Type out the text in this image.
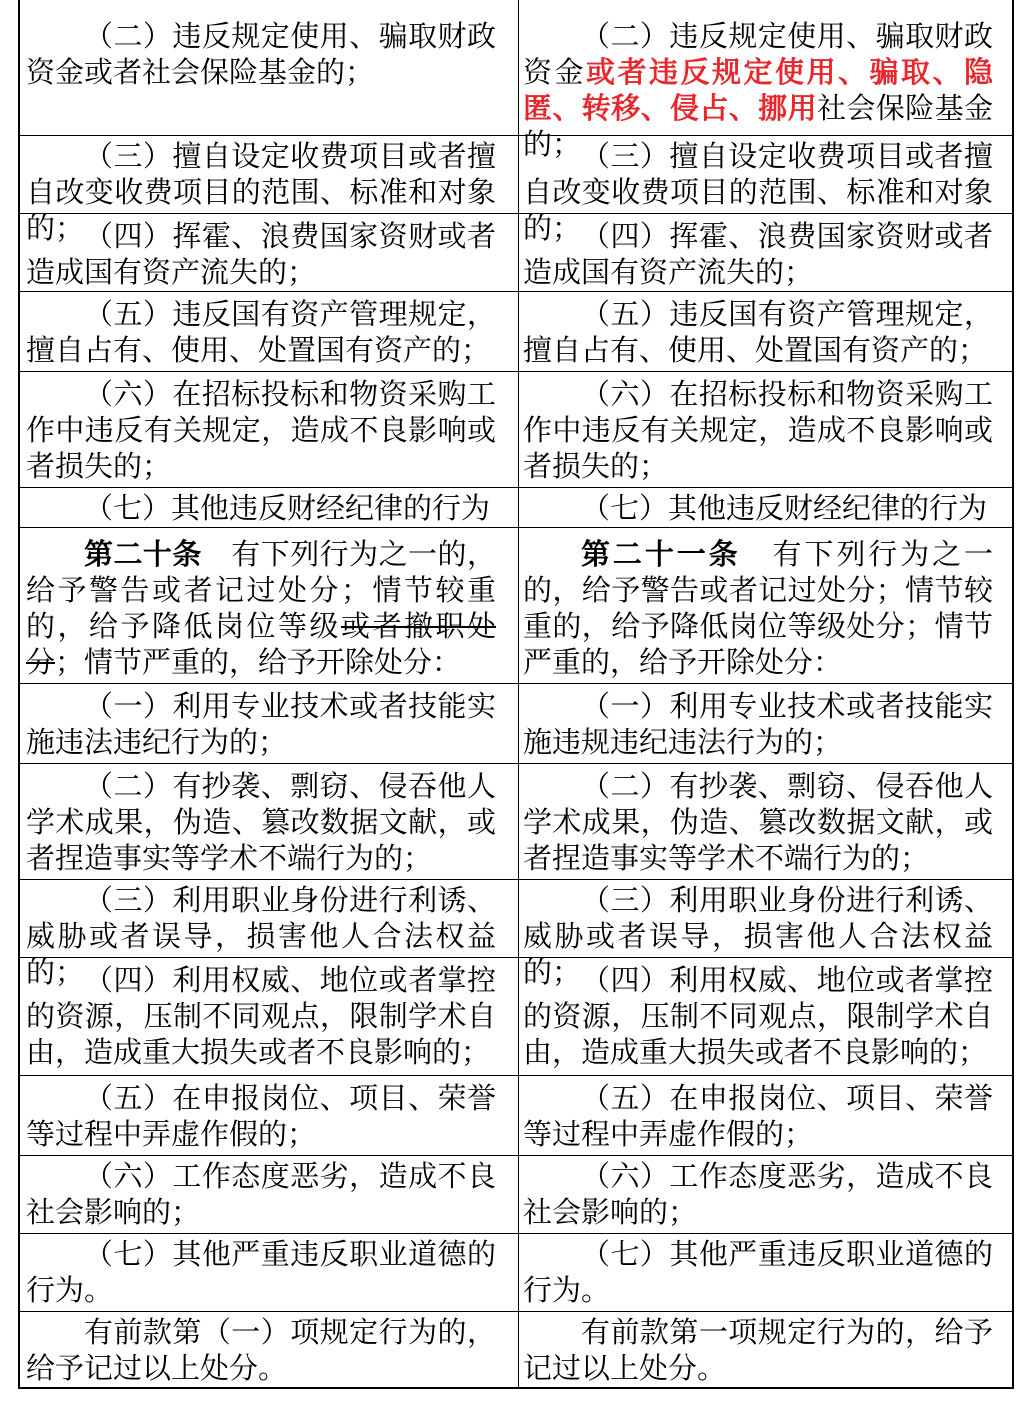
（二）违反规定使用、骗取财政资金或者社会保险基金的；
（二）违反规定使用、骗取财政资金或者违反规定使用、骗取、隐匿、转移、侵占、挪用社会保险基金的；
（三）擅自设定收费项目或者擅自改变收费项目的范围、标准和对象的；
（三）擅自设定收费项目或者擅自改变收费项目的范围、标准和对象的；
（四）挥霍、浪费国家资财或者造成国有资产流失的；
（四）挥霍、浪费国家资财或者造成国有资产流失的；
（五）违反国有资产管理规定，擅自占有、使用、处置国有资产的；
（五）违反国有资产管理规定，擅自占有、使用、处置国有资产的；
（六）在招标投标和物资采购工作中违反有关规定，造成不良影响或者损失的；
（六）在招标投标和物资采购工作中违反有关规定，造成不良影响或者损失的；
（七）其他违反财经纪律的行为	（七）其他违反财经纪律的行为
第二十条　有下列行为之一的，给予警告或者记过处分；情节较重的，给予降低岗位等级或者撤职处分；情节严重的，给予开除处分：
第二十一条　有下列行为之一的，给予警告或者记过处分；情节较重的，给予降低岗位等级处分；情节严重的，给予开除处分：
（一）利用专业技术或者技能实施违法违纪行为的；
（一）利用专业技术或者技能实施违规违纪违法行为的；
（二）有抄袭、剽窃、侵吞他人学术成果，伪造、篡改数据文献，或者捏造事实等学术不端行为的；
（二）有抄袭、剽窃、侵吞他人学术成果，伪造、篡改数据文献，或者捏造事实等学术不端行为的；
（三）利用职业身份进行利诱、威胁或者误导，损害他人合法权益的；
（三）利用职业身份进行利诱、威胁或者误导，损害他人合法权益的；
（四）利用权威、地位或者掌控的资源，压制不同观点，限制学术自由，造成重大损失或者不良影响的；
（四）利用权威、地位或者掌控的资源，压制不同观点，限制学术自由，造成重大损失或者不良影响的；
（五）在申报岗位、项目、荣誉等过程中弄虚作假的；
（五）在申报岗位、项目、荣誉等过程中弄虚作假的；
（六）工作态度恶劣，造成不良社会影响的；
（六）工作态度恶劣，造成不良社会影响的；
（七）其他严重违反职业道德的行为。
（七）其他严重违反职业道德的行为。
有前款第（一）项规定行为的，给予记过以上处分。
有前款第一项规定行为的，给予记过以上处分。
